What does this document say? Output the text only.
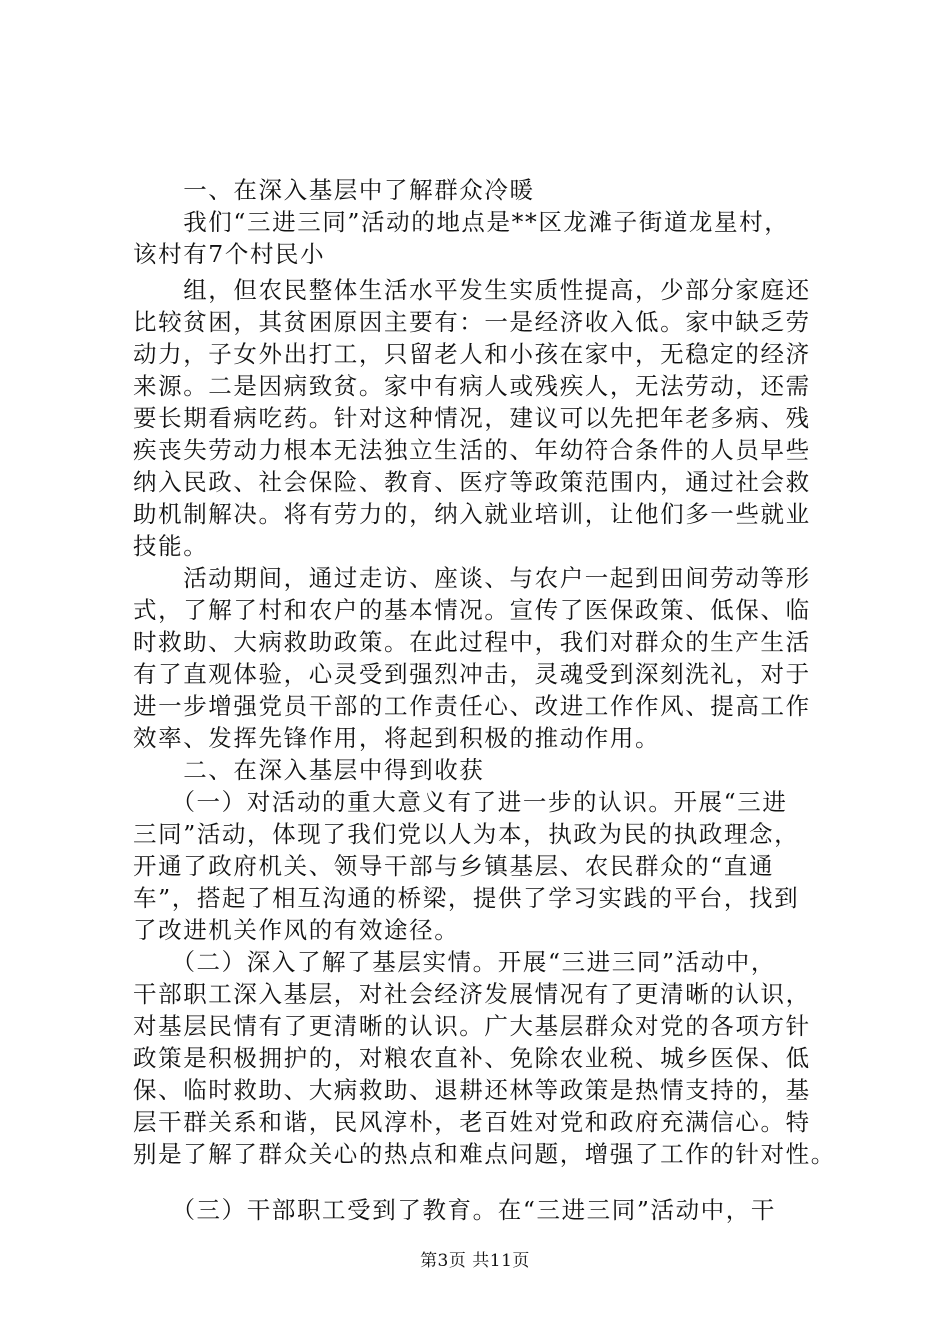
　　一、在深入基层中了解群众冷暖
　　我们“三进三同”活动的地点是**区龙滩子街道龙星村，
该村有7个村民小
　　组，但农民整体生活水平发生实质性提高，少部分家庭还
比较贫困，其贫困原因主要有：一是经济收入低。家中缺乏劳
动力，子女外出打工，只留老人和小孩在家中，无稳定的经济
来源。二是因病致贫。家中有病人或残疾人，无法劳动，还需
要长期看病吃药。针对这种情况，建议可以先把年老多病、残
疾丧失劳动力根本无法独立生活的、年幼符合条件的人员早些
纳入民政、社会保险、教育、医疗等政策范围内，通过社会救
助机制解决。将有劳力的，纳入就业培训，让他们多一些就业
技能。
　　活动期间，通过走访、座谈、与农户一起到田间劳动等形
式，了解了村和农户的基本情况。宣传了医保政策、低保、临
时救助、大病救助政策。在此过程中，我们对群众的生产生活
有了直观体验，心灵受到强烈冲击，灵魂受到深刻洗礼，对于
进一步增强党员干部的工作责任心、改进工作作风、提高工作
效率、发挥先锋作用，将起到积极的推动作用。
　　二、在深入基层中得到收获
　　（一）对活动的重大意义有了进一步的认识。开展“三进
三同”活动，体现了我们党以人为本，执政为民的执政理念，
开通了政府机关、领导干部与乡镇基层、农民群众的“直通
车”，搭起了相互沟通的桥梁，提供了学习实践的平台，找到
了改进机关作风的有效途径。
　　（二）深入了解了基层实情。开展“三进三同”活动中，
干部职工深入基层，对社会经济发展情况有了更清晰的认识，
对基层民情有了更清晰的认识。广大基层群众对党的各项方针
政策是积极拥护的，对粮农直补、免除农业税、城乡医保、低
保、临时救助、大病救助、退耕还林等政策是热情支持的，基
层干群关系和谐，民风淳朴，老百姓对党和政府充满信心。特
别是了解了群众关心的热点和难点问题，增强了工作的针对性。
　　（三）干部职工受到了教育。在“三进三同”活动中，干
第3页 共11页
